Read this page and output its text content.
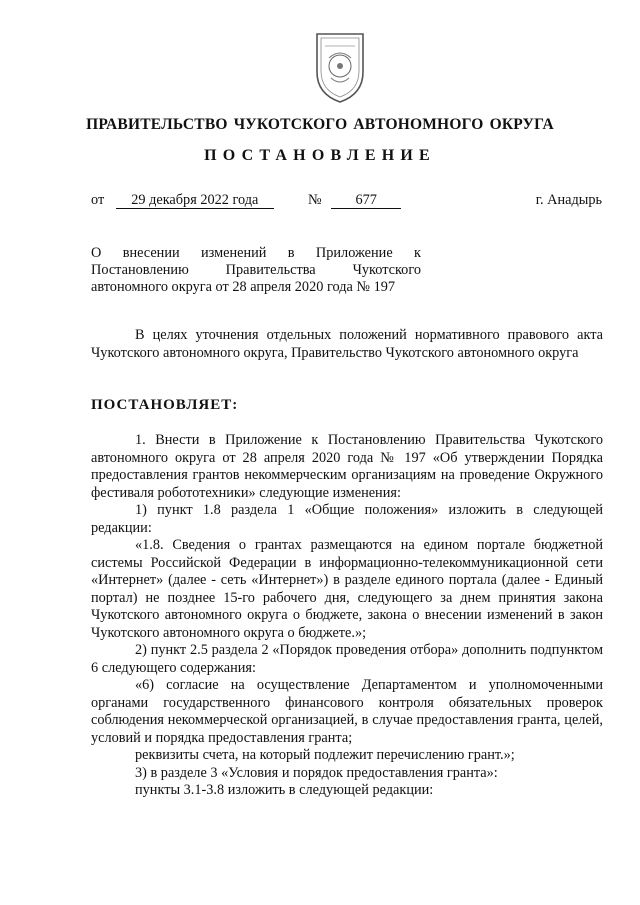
ПРАВИТЕЛЬСТВО ЧУКОТСКОГО АВТОНОМНОГО ОКРУГА
ПОСТАНОВЛЕНИЕ
от 29 декабря 2022 года	№ 677	г. Анадырь
О внесении изменений в Приложение к
Постановлению Правительства Чукотского
автономного округа от 28 апреля 2020 года № 197

В целях уточнения отдельных положений нормативного правового акта Чукотского автономного округа, Правительство Чукотского автономного округа

ПОСТАНОВЛЯЕТ:

1. Внести в Приложение к Постановлению Правительства Чукотского автономного округа от 28 апреля 2020 года № 197 «Об утверждении Порядка предоставления грантов некоммерческим организациям на проведение Окружного фестиваля робототехники» следующие изменения:

1) пункт 1.8 раздела 1 «Общие положения» изложить в следующей редакции:

«1.8. Сведения о грантах размещаются на едином портале бюджетной системы Российской Федерации в информационно-телекоммуникационной сети «Интернет» (далее - сеть «Интернет») в разделе единого портала (далее - Единый портал) не позднее 15-го рабочего дня, следующего за днем принятия закона Чукотского автономного округа о бюджете, закона о внесении изменений в закон Чукотского автономного округа о бюджете.»;

2) пункт 2.5 раздела 2 «Порядок проведения отбора» дополнить подпунктом 6 следующего содержания:

«6) согласие на осуществление Департаментом и уполномоченными органами государственного финансового контроля обязательных проверок соблюдения некоммерческой организацией, в случае предоставления гранта, целей, условий и порядка предоставления гранта;

реквизиты счета, на который подлежит перечислению грант.»;

3) в разделе 3 «Условия и порядок предоставления гранта»:

пункты 3.1-3.8 изложить в следующей редакции:
